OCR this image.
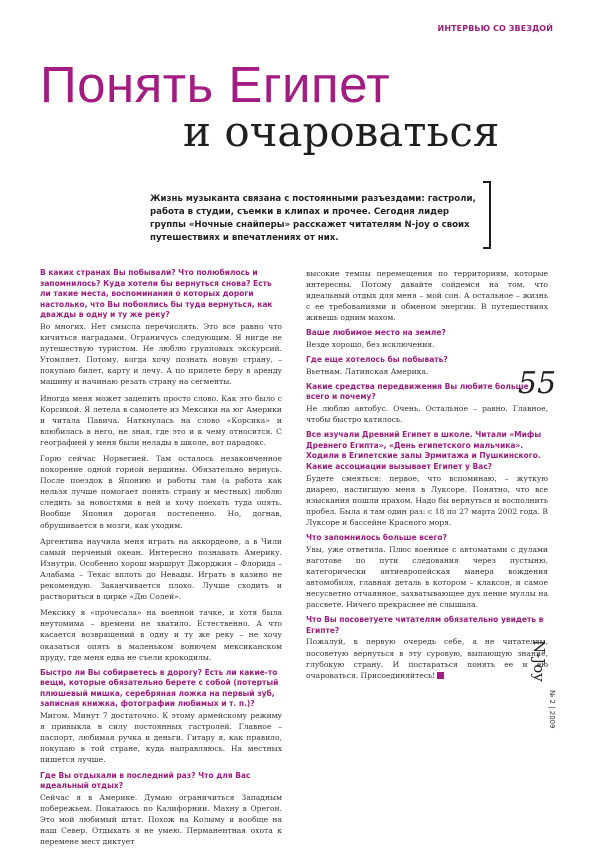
ИНТЕРВЬЮ СО ЗВЕЗДОЙ
Понять Египет
и очароваться
Жизнь музыканта связана с постоянными разъездами: гастроли, работа в студии, съемки в клипах и прочее. Сегодня лидер группы «Ночные снайперы» расскажет читателям N-joy о своих путешествиях и впечатлениях от них.
55

В каких странах Вы побывали? Что полюбилось и запомнилось? Куда хотели бы вернуться снова? Есть ли такие места, воспоминания о которых дороги настолько, что Вы побоялись бы туда вернуться, как дважды в одну и ту же реку?

Во многих. Нет смысла перечислять. Это все равно что кичиться наградами. Ограничусь следующим. Я нигде не путешествую туристом. Не люблю групповых экскурсий. Утомляет. Потому, когда хочу познать новую страну, – покупаю билет, карту и лечу. А по прилете беру в аренду машину и начинаю резать страну на сегменты.

Иногда меня может зацепить просто слово. Как это было с Корсикой. Я летела в самолете из Мексики на юг Америки и читала Павича. Наткнулась на слово «Корсика» и влюбилась в него, не зная, где это и к чему относится. С географией у меня были нелады в школе, вот парадокс.

Горю сейчас Норвегией. Там осталось незаконченное покорение одной горной вершины. Обязательно вернусь. После поездок в Японию и работы там (а работа как нельзя лучше помогает понять страну и местных) люблю следить за новостями в ней и хочу поехать туда опять. Вообще Япония дорогая постепенно. Но, догнав, обрушивается в мозги, как уходим.

Аргентина научила меня играть на аккордеоне, а в Чили самый перченый океан. Интересно познавать Америку. Изнутри. Особенно хорош маршрут Джорджия – Флорида – Алабама – Техас вплоть до Невады. Играть в казино не рекомендую. Заканчивается плохо. Лучше сходить и раствориться в цирке «Дю Солей».

Мексику я «прочесала» на военной тачке, и хотя была неутомима – времени не хватило. Естественно. А что касается возвращений в одну и ту же реку – не хочу оказаться опять в маленьком вонючем мексиканском пруду, где меня едва не съели крокодилы.

Быстро ли Вы собираетесь в дорогу? Есть ли какие-то вещи, которые обязательно берете с собой (потертый плюшевый мишка, серебряная ложка на первый зуб, записная книжка, фотографии любимых и т. п.)?

Мигом. Минут 7 достаточно. К этому армейскому режиму я привыкла в силу постоянных гастролей. Главное – паспорт, любимая ручка и деньги. Гитару я, как правило, покупаю в той стране, куда направляюсь. На местных пишется лучше.

Где Вы отдыхали в последний раз? Что для Вас идеальный отдых?

Сейчас я в Америке. Думаю ограничиться Западным побережьем. Покатаюсь по Калифорнии. Махну в Орегон. Это мой любимый штат. Похож на Колыму и вообще на наш Север. Отдыхать я не умею. Перманентная охота к перемене мест диктует

высокие темпы перемещения по территориям, которые интересны. Потому давайте сойдемся на том, что идеальный отдых для меня – мой сон. А остальное – жизнь с ее требованиями и обменом энергии. В путешествиях живешь одним махом.

Ваше любимое место на земле?

Везде хорошо, без исключения.

Где еще хотелось бы побывать?

Вьетнам. Латинская Америка.

Какие средства передвижения Вы любите больше всего и почему?

Не люблю автобус. Очень. Остальное – равно. Главное, чтобы быстро катилось.

Все изучали Древний Египет в школе. Читали «Мифы Древнего Египта», «День египетского мальчика». Ходили в Египетские залы Эрмитажа и Пушкинского. Какие ассоциации вызывает Египет у Вас?

Будете смеяться: первое, что вспоминаю, – жуткую диарею, настигшую меня в Луксоре. Понятно, что все изыскания пошли прахом. Надо бы вернуться и восполнить пробел. Была я там один раз: с 18 по 27 марта 2002 года. В Луксоре и бассейне Красного моря.

Что запомнилось больше всего?

Увы, уже ответила. Плюс военные с автоматами с дулами наготове по пути следования через пустыню, категорически антиевропейская манера вождения автомобиля, главная деталь в котором – клаксон, и самое несусветно отчаянное, захватывающее дух пение муллы на рассвете. Ничего прекраснее не слышала.

Что Вы посоветуете читателям обязательно увидеть в Египте?

Пожалуй, в первую очередь себе, а не читателям, посоветую вернуться в эту суровую, выпающую знание, глубокую страну. И постараться понять ее и ею очароваться. Присоединяйтесь!	N-Joy
№ 2 | 2009
